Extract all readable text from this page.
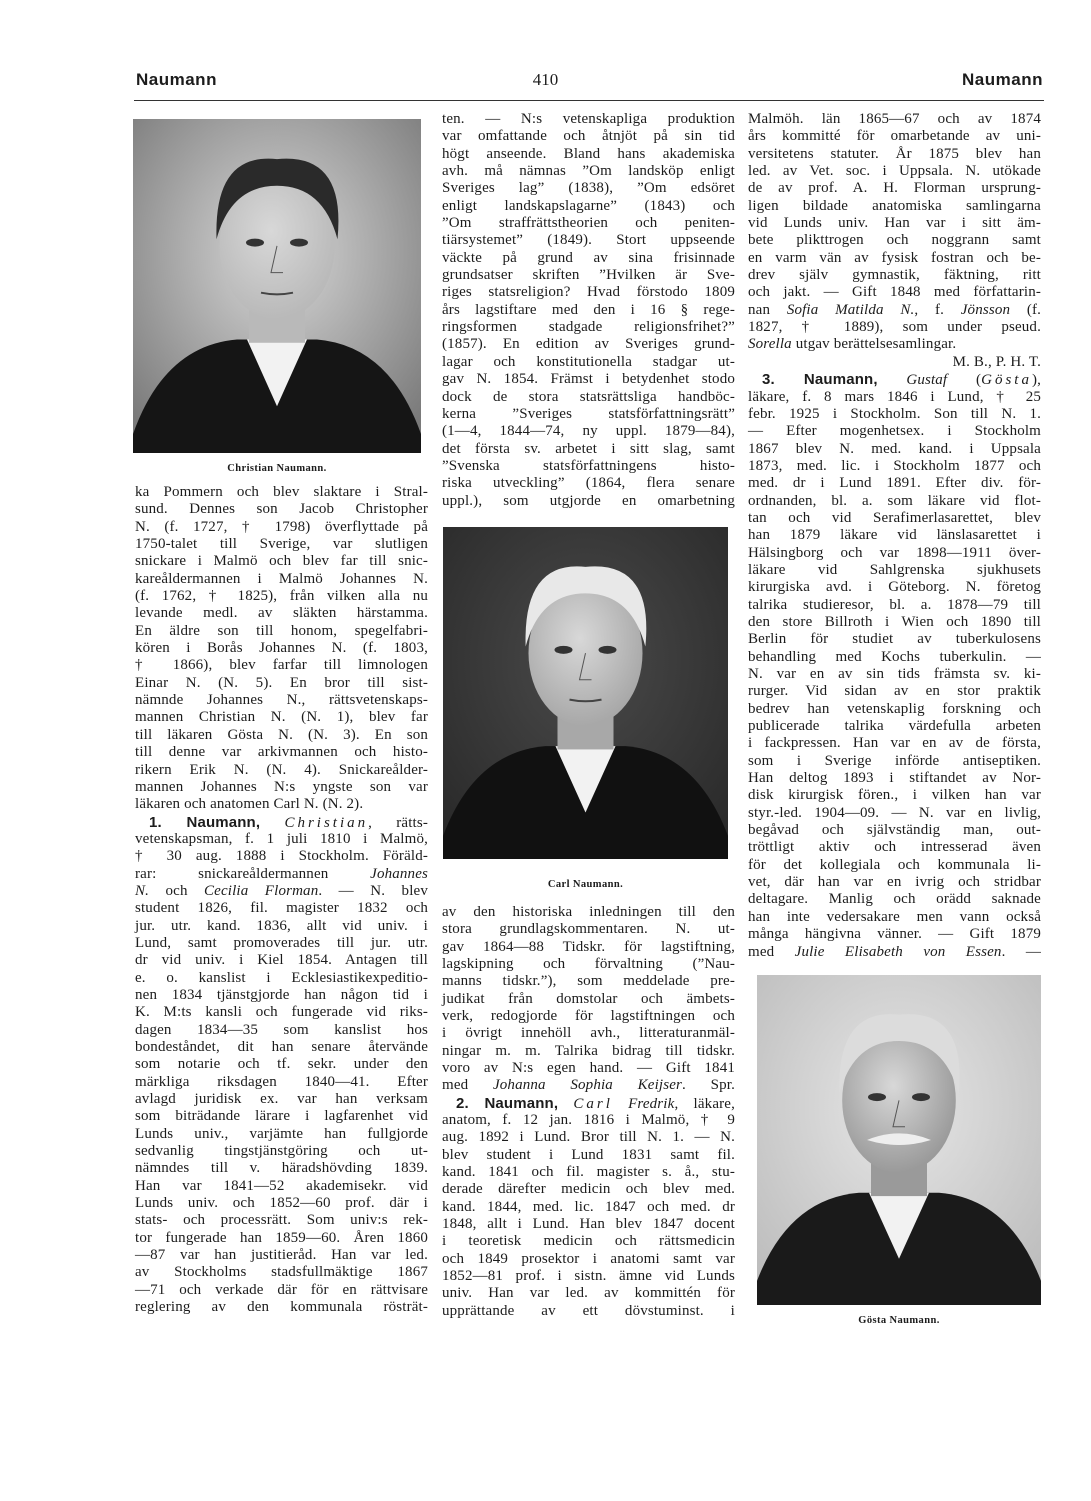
Naumann	410	Naumann
Christian Naumann.
ka Pommern och blev slaktare i Stral-
sund. Dennes son Jacob Christopher
N. (f. 1727, † 1798) överflyttade på
1750-talet till Sverige, var slutligen
snickare i Malmö och blev far till snic-
kareåldermannen i Malmö Johannes N.
(f. 1762, † 1825), från vilken alla nu
levande medl. av släkten härstamma.
En äldre son till honom, spegelfabri-
kören i Borås Johannes N. (f. 1803,
† 1866), blev farfar till limnologen
Einar N. (N. 5). En bror till sist-
nämnde Johannes N., rättsvetenskaps-
mannen Christian N. (N. 1), blev far
till läkaren Gösta N. (N. 3). En son
till denne var arkivmannen och histo-
rikern Erik N. (N. 4). Snickareålder-
mannen Johannes N:s yngste son var
läkaren och anatomen Carl N. (N. 2).
1. Naumann, Christian, rätts-
vetenskapsman, f. 1 juli 1810 i Malmö,
† 30 aug. 1888 i Stockholm. Föräld-
rar: snickareåldermannen Johannes
N. och Cecilia Florman. — N. blev
student 1826, fil. magister 1832 och
jur. utr. kand. 1836, allt vid univ. i
Lund, samt promoverades till jur. utr.
dr vid univ. i Kiel 1854. Antagen till
e. o. kanslist i Ecklesiastikexpeditio-
nen 1834 tjänstgjorde han någon tid i
K. M:ts kansli och fungerade vid riks-
dagen 1834—35 som kanslist hos
bondeståndet, dit han senare återvände
som notarie och tf. sekr. under den
märkliga riksdagen 1840—41. Efter
avlagd juridisk ex. var han verksam
som biträdande lärare i lagfarenhet vid
Lunds univ., varjämte han fullgjorde
sedvanlig tingstjänstgöring och ut-
nämndes till v. häradshövding 1839.
Han var 1841—52 akademisekr. vid
Lunds univ. och 1852—60 prof. där i
stats- och processrätt. Som univ:s rek-
tor fungerade han 1859—60. Åren 1860
—87 var han justitieråd. Han var led.
av Stockholms stadsfullmäktige 1867
—71 och verkade där för en rättvisare
reglering av den kommunala rösträt-
ten. — N:s vetenskapliga produktion
var omfattande och åtnjöt på sin tid
högt anseende. Bland hans akademiska
avh. må nämnas ”Om landsköp enligt
Sveriges lag” (1838), ”Om edsöret
enligt landskapslagarne” (1843) och
”Om straffrättstheorien och peniten-
tiärsystemet” (1849). Stort uppseende
väckte på grund av sina frisinnade
grundsatser skriften ”Hvilken är Sve-
riges statsreligion? Hvad förstodo 1809
års lagstiftare med den i 16 § rege-
ringsformen stadgade religionsfrihet?”
(1857). En edition av Sveriges grund-
lagar och konstitutionella stadgar ut-
gav N. 1854. Främst i betydenhet stodo
dock de stora statsrättsliga handböc-
kerna ”Sveriges statsförfattningsrätt”
(1—4, 1844—74, ny uppl. 1879—84),
det första sv. arbetet i sitt slag, samt
”Svenska statsförfattningens histo-
riska utveckling” (1864, flera senare
uppl.), som utgjorde en omarbetning
Carl Naumann.
av den historiska inledningen till den
stora grundlagskommentaren. N. ut-
gav 1864—88 Tidskr. för lagstiftning,
lagskipning och förvaltning (”Nau-
manns tidskr.”), som meddelade pre-
judikat från domstolar och ämbets-
verk, redogjorde för lagstiftningen och
i övrigt innehöll avh., litteraturanmäl-
ningar m. m. Talrika bidrag till tidskr.
voro av N:s egen hand. — Gift 1841
med Johanna Sophia Keijser. Spr.
2. Naumann, Carl Fredrik, läkare,
anatom, f. 12 jan. 1816 i Malmö, † 9
aug. 1892 i Lund. Bror till N. 1. — N.
blev student i Lund 1831 samt fil.
kand. 1841 och fil. magister s. å., stu-
derade därefter medicin och blev med.
kand. 1844, med. lic. 1847 och med. dr
1848, allt i Lund. Han blev 1847 docent
i teoretisk medicin och rättsmedicin
och 1849 prosektor i anatomi samt var
1852—81 prof. i sistn. ämne vid Lunds
univ. Han var led. av kommittén för
upprättande av ett dövstuminst. i
Malmöh. län 1865—67 och av 1874
års kommitté för omarbetande av uni-
versitetens statuter. År 1875 blev han
led. av Vet. soc. i Uppsala. N. utökade
de av prof. A. H. Florman ursprung-
ligen bildade anatomiska samlingarna
vid Lunds univ. Han var i sitt äm-
bete plikttrogen och noggrann samt
en varm vän av fysisk fostran och be-
drev själv gymnastik, fäktning, ritt
och jakt. — Gift 1848 med författarin-
nan Sofia Matilda N., f. Jönsson (f.
1827, † 1889), som under pseud.
Sorella utgav berättelsesamlingar.
M. B., P. H. T.
3. Naumann, Gustaf (Gösta),
läkare, f. 8 mars 1846 i Lund, † 25
febr. 1925 i Stockholm. Son till N. 1.
— Efter mogenhetsex. i Stockholm
1867 blev N. med. kand. i Uppsala
1873, med. lic. i Stockholm 1877 och
med. dr i Lund 1891. Efter div. för-
ordnanden, bl. a. som läkare vid flot-
tan och vid Serafimerlasarettet, blev
han 1879 läkare vid länslasarettet i
Hälsingborg och var 1898—1911 över-
läkare vid Sahlgrenska sjukhusets
kirurgiska avd. i Göteborg. N. företog
talrika studieresor, bl. a. 1878—79 till
den store Billroth i Wien och 1890 till
Berlin för studiet av tuberkulosens
behandling med Kochs tuberkulin. —
N. var en av sin tids främsta sv. ki-
rurger. Vid sidan av en stor praktik
bedrev han vetenskaplig forskning och
publicerade talrika värdefulla arbeten
i fackpressen. Han var en av de första,
som i Sverige införde antiseptiken.
Han deltog 1893 i stiftandet av Nor-
disk kirurgisk fören., i vilken han var
styr.-led. 1904—09. — N. var en livlig,
begåvad och självständig man, out-
tröttligt aktiv och intresserad även
för det kollegiala och kommunala li-
vet, där han var en ivrig och stridbar
deltagare. Manlig och orädd saknade
han inte vedersakare men vann också
många hängivna vänner. — Gift 1879
med Julie Elisabeth von Essen. —
Gösta Naumann.
